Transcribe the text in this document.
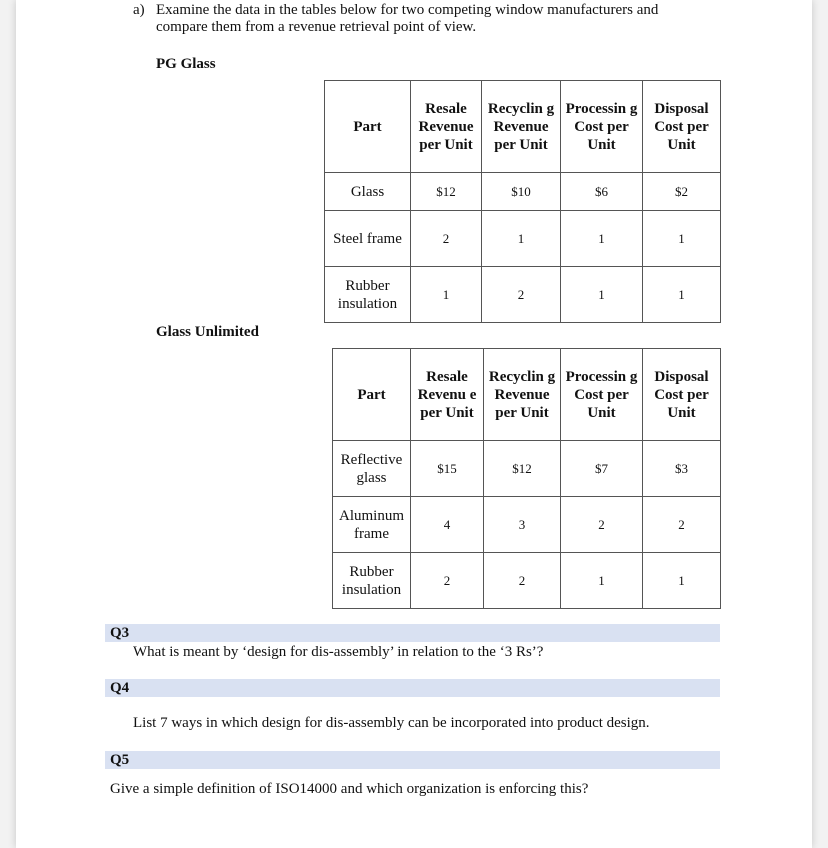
a) Examine the data in the tables below for two competing window manufacturers and
compare them from a revenue retrieval point of view.
PG Glass
Part	Resale Revenue per Unit	Recyclin g Revenue per Unit	Processin g Cost per Unit	Disposal Cost per Unit
Glass	$12	$10	$6	$2
Steel frame	2	1	1	1
Rubber insulation	1	2	1	1
Glass Unlimited
Part	Resale Revenu e per Unit	Recyclin g Revenue per Unit	Processin g Cost per Unit	Disposal Cost per Unit
Reflective glass	$15	$12	$7	$3
Aluminum frame	4	3	2	2
Rubber insulation	2	2	1	1
Q3
What is meant by ‘design for dis-assembly’ in relation to the ‘3 Rs’?
Q4
List 7 ways in which design for dis-assembly can be incorporated into product design.
Q5
Give a simple definition of ISO14000 and which organization is enforcing this?
